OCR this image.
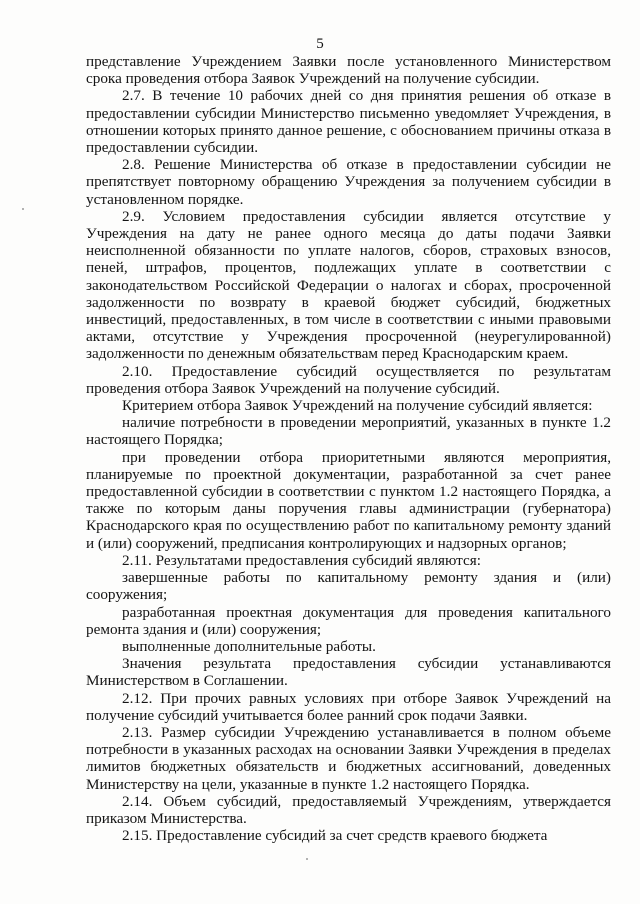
5

представление Учреждением Заявки после установленного Министерством срока проведения отбора Заявок Учреждений на получение субсидии.

2.7. В течение 10 рабочих дней со дня принятия решения об отказе в предоставлении субсидии Министерство письменно уведомляет Учреждения, в отношении которых принято данное решение, с обоснованием причины отказа в предоставлении субсидии.

2.8. Решение Министерства об отказе в предоставлении субсидии не препятствует повторному обращению Учреждения за получением субсидии в установленном порядке.

2.9. Условием предоставления субсидии является отсутствие у Учреждения на дату не ранее одного месяца до даты подачи Заявки неисполненной обязанности по уплате налогов, сборов, страховых взносов, пеней, штрафов, процентов, подлежащих уплате в соответствии с законодательством Российской Федерации о налогах и сборах, просроченной задолженности по возврату в краевой бюджет субсидий, бюджетных инвестиций, предоставленных, в том числе в соответствии с иными правовыми актами, отсутствие у Учреждения просроченной (неурегулированной) задолженности по денежным обязательствам перед Краснодарским краем.

2.10. Предоставление субсидий осуществляется по результатам проведения отбора Заявок Учреждений на получение субсидий.

Критерием отбора Заявок Учреждений на получение субсидий является:

наличие потребности в проведении мероприятий, указанных в пункте 1.2 настоящего Порядка;

при проведении отбора приоритетными являются мероприятия, планируемые по проектной документации, разработанной за счет ранее предоставленной субсидии в соответствии с пунктом 1.2 настоящего Порядка, а также по которым даны поручения главы администрации (губернатора) Краснодарского края по осуществлению работ по капитальному ремонту зданий и (или) сооружений, предписания контролирующих и надзорных органов;

2.11. Результатами предоставления субсидий являются:

завершенные работы по капитальному ремонту здания и (или) сооружения;

разработанная проектная документация для проведения капитального ремонта здания и (или) сооружения;

выполненные дополнительные работы.

Значения результата предоставления субсидии устанавливаются Министерством в Соглашении.

2.12. При прочих равных условиях при отборе Заявок Учреждений на получение субсидий учитывается более ранний срок подачи Заявки.

2.13. Размер субсидии Учреждению устанавливается в полном объеме потребности в указанных расходах на основании Заявки Учреждения в пределах лимитов бюджетных обязательств и бюджетных ассигнований, доведенных Министерству на цели, указанные в пункте 1.2 настоящего Порядка.

2.14. Объем субсидий, предоставляемый Учреждениям, утверждается приказом Министерства.

2.15. Предоставление субсидий за счет средств краевого бюджета
